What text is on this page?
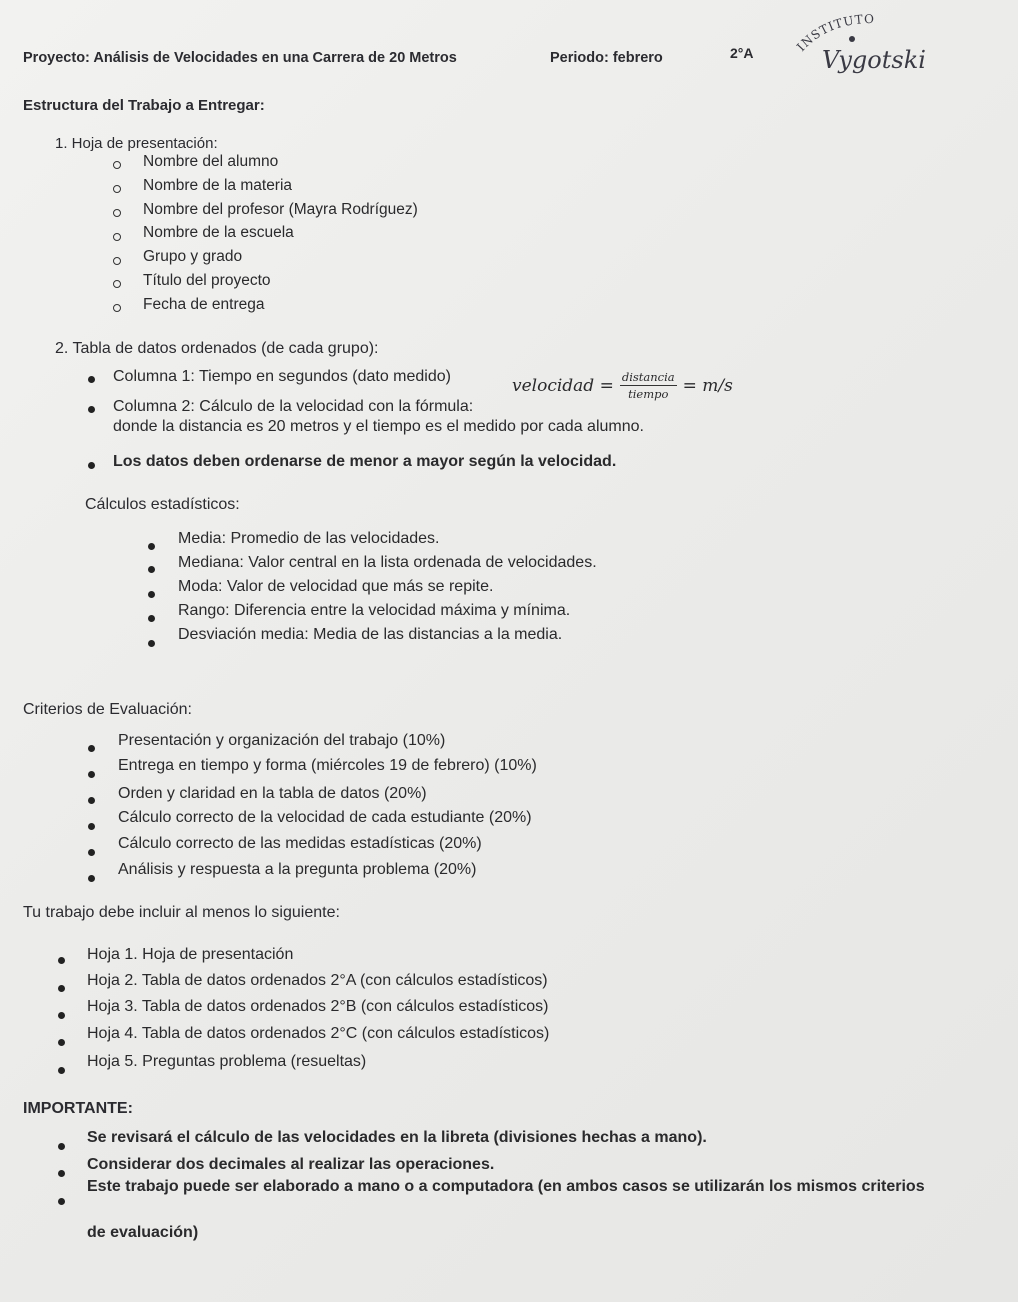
Proyecto: Análisis de Velocidades en una Carrera de 20 Metros	Periodo: febrero	2°A	INSTITUTO
Vygotski
Estructura del Trabajo a Entregar:
1. Hoja de presentación:
Nombre del alumno
Nombre de la materia
Nombre del profesor (Mayra Rodríguez)
Nombre de la escuela
Grupo y grado
Título del proyecto
Fecha de entrega
2. Tabla de datos ordenados (de cada grupo):
Columna 1: Tiempo en segundos (dato medido)
Columna 2: Cálculo de la velocidad con la fórmula:
velocidad = $\frac{\text{distancia}}{\text{tiempo}} = m/s$
donde la distancia es 20 metros y el tiempo es el medido por cada alumno.
Los datos deben ordenarse de menor a mayor según la velocidad.
Cálculos estadísticos:
Media: Promedio de las velocidades.
Mediana: Valor central en la lista ordenada de velocidades.
Moda: Valor de velocidad que más se repite.
Rango: Diferencia entre la velocidad máxima y mínima.
Desviación media: Media de las distancias a la media.
Criterios de Evaluación:
Presentación y organización del trabajo (10%)
Entrega en tiempo y forma (miércoles 19 de febrero) (10%)
Orden y claridad en la tabla de datos (20%)
Cálculo correcto de la velocidad de cada estudiante (20%)
Cálculo correcto de las medidas estadísticas (20%)
Análisis y respuesta a la pregunta problema (20%)
Tu trabajo debe incluir al menos lo siguiente:
Hoja 1. Hoja de presentación
Hoja 2. Tabla de datos ordenados 2°A (con cálculos estadísticos)
Hoja 3. Tabla de datos ordenados 2°B (con cálculos estadísticos)
Hoja 4. Tabla de datos ordenados 2°C (con cálculos estadísticos)
Hoja 5. Preguntas problema (resueltas)
IMPORTANTE:
Se revisará el cálculo de las velocidades en la libreta (divisiones hechas a mano).
Considerar dos decimales al realizar las operaciones.
Este trabajo puede ser elaborado a mano o a computadora (en ambos casos se utilizarán los mismos criterios
de evaluación)
